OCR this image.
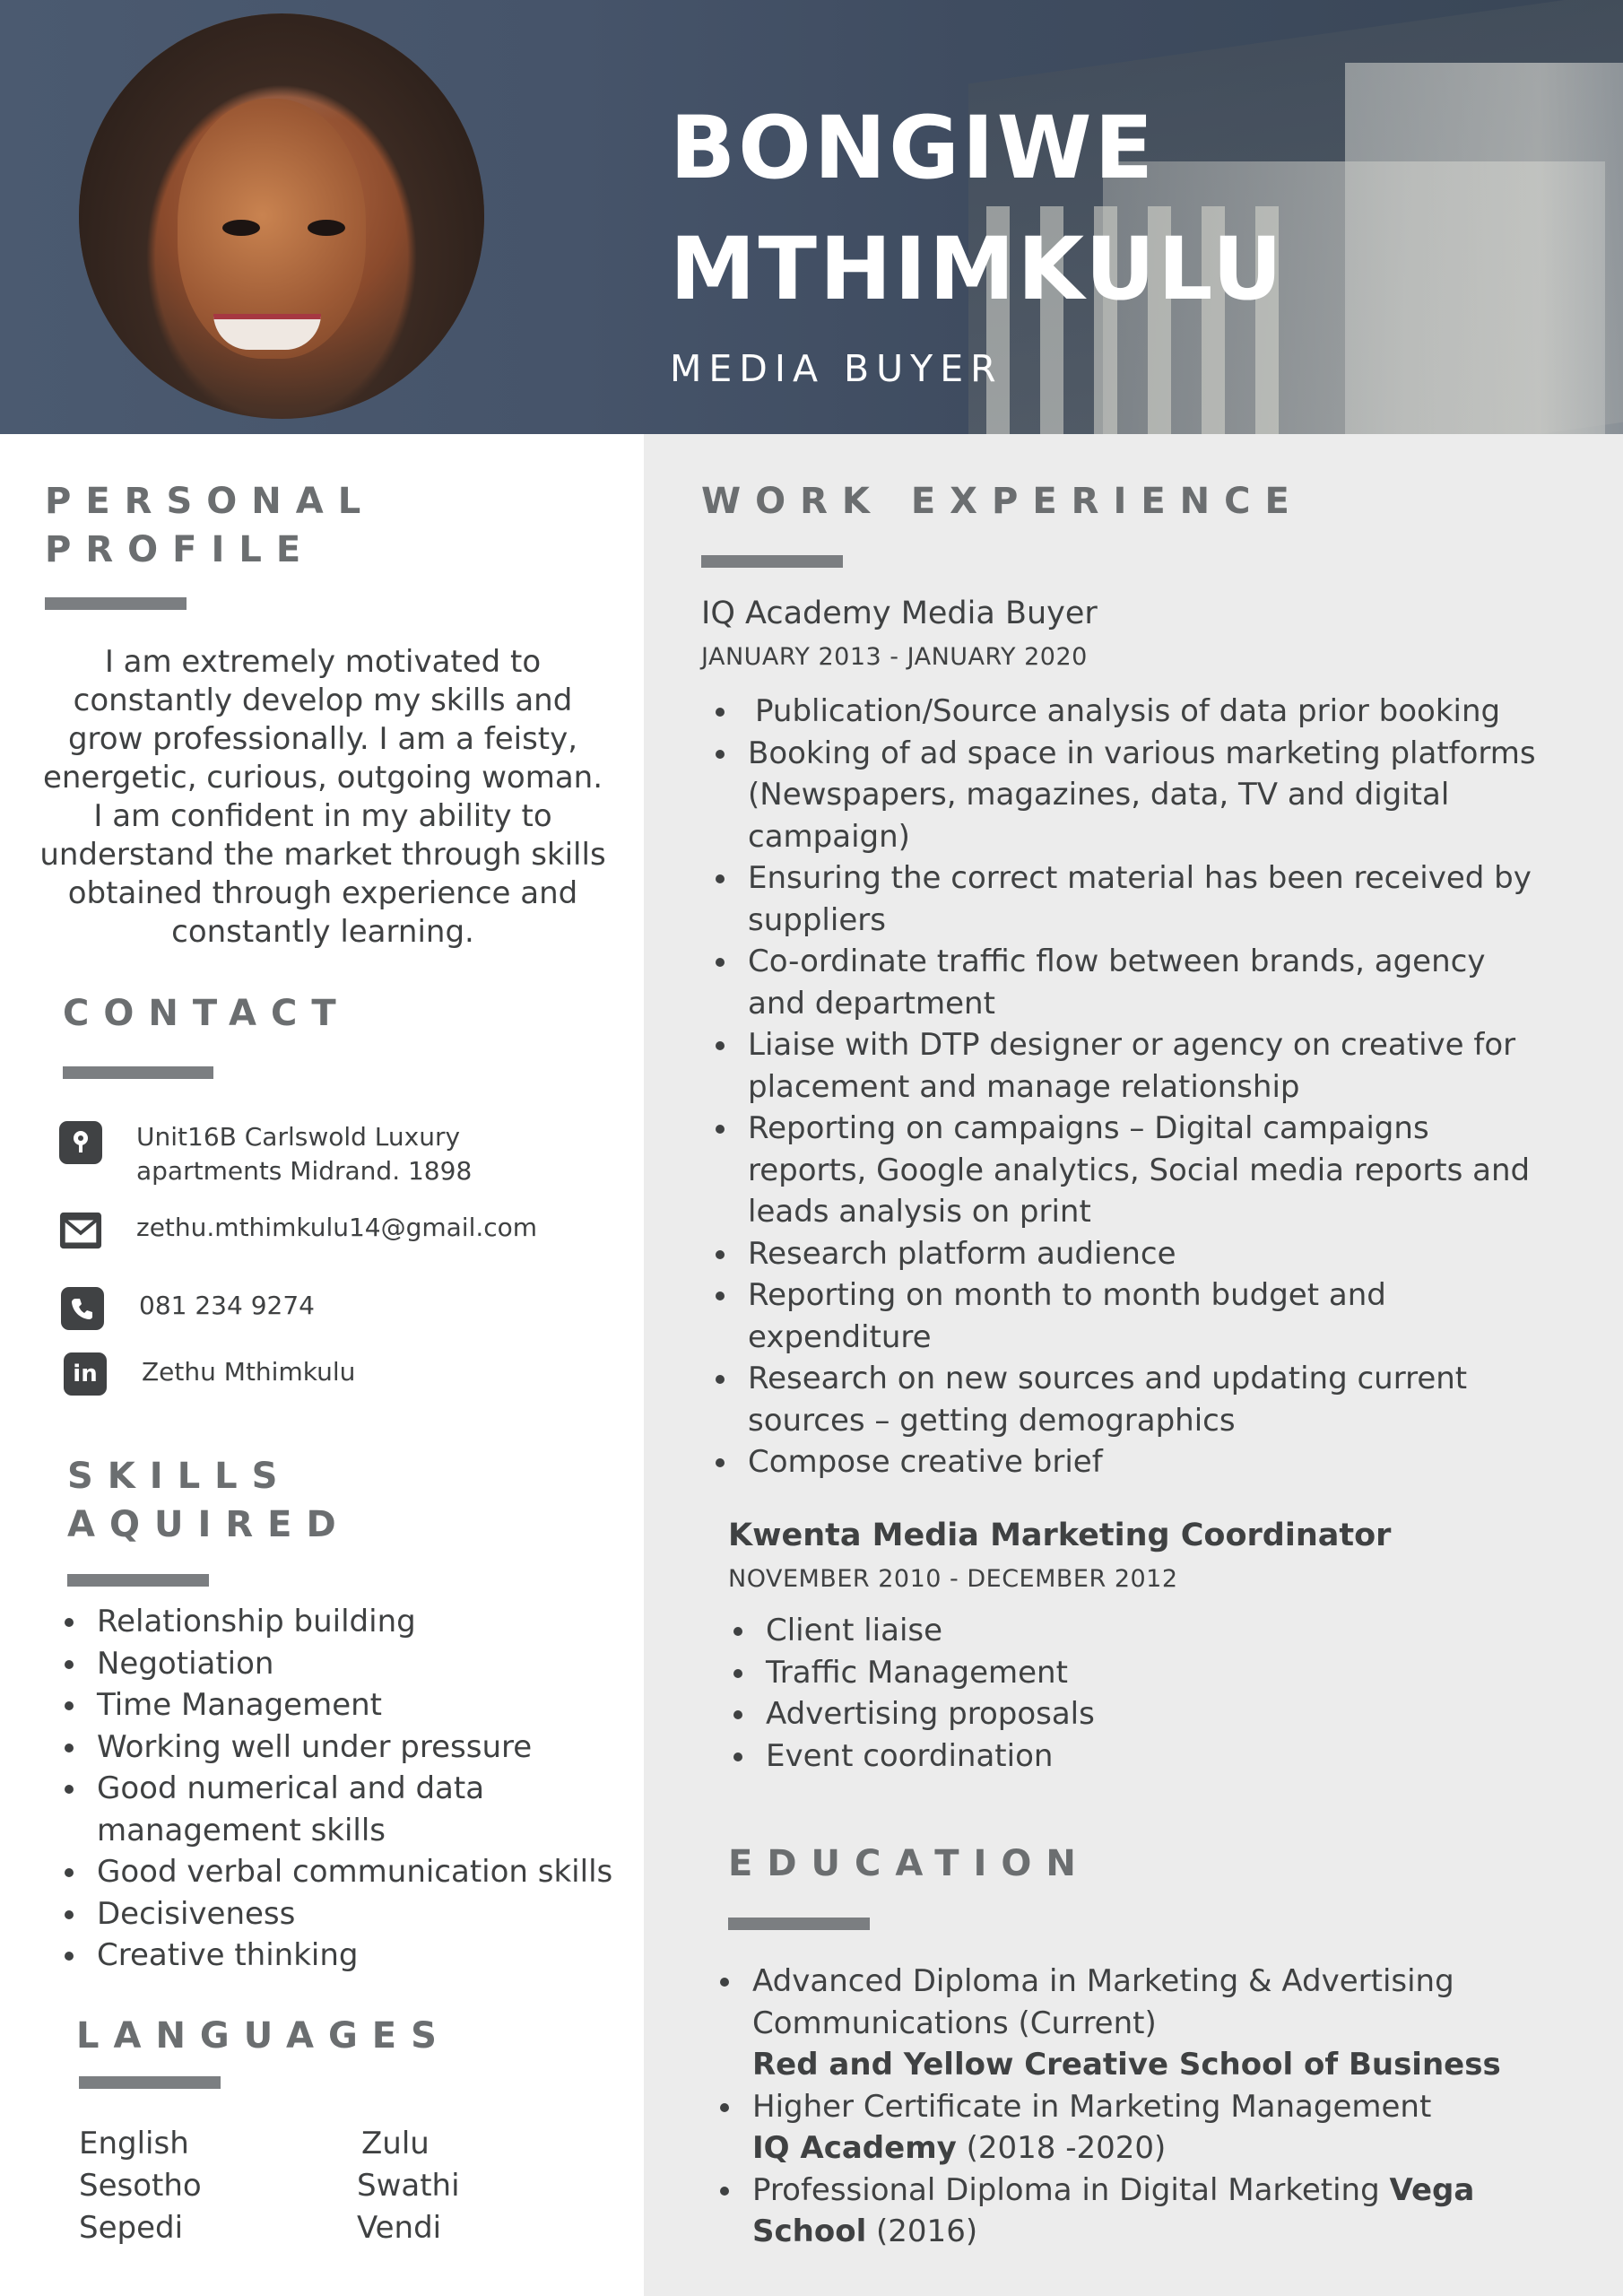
BONGIWE
MTHIMKULU
MEDIA BUYER
PERSONAL
PROFILE
I am extremely motivated to constantly develop my skills and grow professionally. I am a feisty, energetic, curious, outgoing woman. I am confident in my ability to understand the market through skills obtained through experience and constantly learning.
CONTACT
Unit16B Carlswold Luxury
apartments Midrand. 1898
zethu.mthimkulu14@gmail.com
081 234 9274
in Zethu Mthimkulu
SKILLS
AQUIRED
Relationship building
Negotiation
Time Management
Working well under pressure
Good numerical and data management skills
Good verbal communication skills
Decisiveness
Creative thinking
LANGUAGES
English
Sesotho
Sepedi
Zulu
Swathi
Vendi
WORK EXPERIENCE
IQ Academy Media Buyer
JANUARY 2013 - JANUARY 2020
Publication/Source analysis of data prior booking
Booking of ad space in various marketing platforms (Newspapers, magazines, data, TV and digital campaign)
Ensuring the correct material has been received by suppliers
Co-ordinate traffic flow between brands, agency and department
Liaise with DTP designer or agency on creative for placement and manage relationship
Reporting on campaigns – Digital campaigns reports, Google analytics, Social media reports and leads analysis on print
Research platform audience
Reporting on month to month budget and expenditure
Research on new sources and updating current sources – getting demographics
Compose creative brief
Kwenta Media Marketing Coordinator
NOVEMBER 2010 - DECEMBER 2012
Client liaise
Traffic Management
Advertising proposals
Event coordination
EDUCATION
Advanced Diploma in Marketing & Advertising Communications (Current)
Red and Yellow Creative School of Business
Higher Certificate in Marketing Management
IQ Academy (2018 -2020)
Professional Diploma in Digital Marketing Vega School (2016)
